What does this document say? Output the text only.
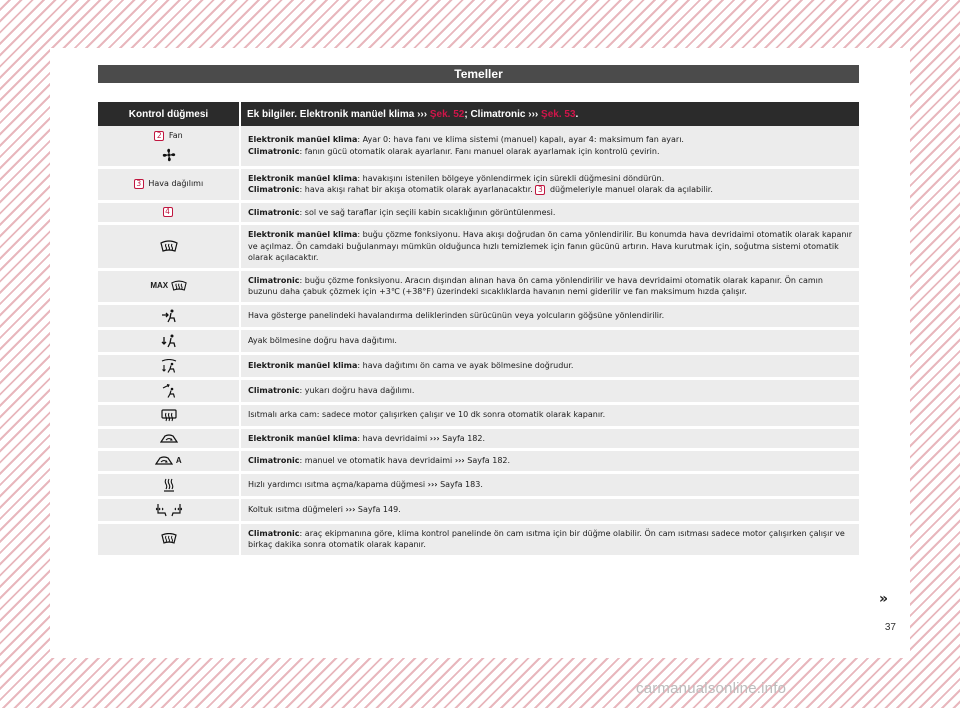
Temeller
Kontrol düğmesi	Ek bilgiler. Elektronik manüel klima ››› Şek. 52; Climatronic ››› Şek. 53.
2 Fan	Elektronik manüel klima: Ayar 0: hava fanı ve klima sistemi (manuel) kapalı, ayar 4: maksimum fan ayarı.
Climatronic: fanın gücü otomatik olarak ayarlanır. Fanı manuel olarak ayarlamak için kontrolü çevirin.
3 Hava dağılımı	Elektronik manüel klima: havakışını istenilen bölgeye yönlendirmek için sürekli düğmesini döndürün.
Climatronic: hava akışı rahat bir akışa otomatik olarak ayarlanacaktır. 3 düğmeleriyle manuel olarak da açılabilir.
4	Climatronic: sol ve sağ taraflar için seçili kabin sıcaklığının görüntülenmesi.

	Elektronik manüel klima: buğu çözme fonksiyonu. Hava akışı doğrudan ön cama yönlendirilir. Bu konumda hava devridaimi otomatik olarak kapanır ve açılmaz. Ön camdaki buğulanmayı mümkün olduğunca hızlı temizlemek için fanın gücünü artırın. Hava kurutmak için, soğutma sistemi otomatik olarak açılacaktır.
MAX	Climatronic: buğu çözme fonksiyonu. Aracın dışından alınan hava ön cama yönlendirilir ve hava devridaimi otomatik olarak kapanır. Ön camın buzunu daha çabuk çözmek için +3℃ (+38°F) üzerindeki sıcaklıklarda havanın nemi giderilir ve fan maksimum hızda çalışır.

	Hava gösterge panelindeki havalandırma deliklerinden sürücünün veya yolcuların göğsüne yönlendirilir.

	Ayak bölmesine doğru hava dağıtımı.

	Elektronik manüel klima: hava dağıtımı ön cama ve ayak bölmesine doğrudur.

	Climatronic: yukarı doğru hava dağılımı.

	Isıtmalı arka cam: sadece motor çalışırken çalışır ve 10 dk sonra otomatik olarak kapanır.

	Elektronik manüel klima: hava devridaimi ››› Sayfa 182.
A	Climatronic: manuel ve otomatik hava devridaimi ››› Sayfa 182.

	Hızlı yardımcı ısıtma açma/kapama düğmesi ››› Sayfa 183.

	Koltuk ısıtma düğmeleri ››› Sayfa 149.

	Climatronic: araç ekipmanına göre, klima kontrol panelinde ön cam ısıtma için bir düğme olabilir. Ön cam ısıtması sadece motor çalışırken çalışır ve birkaç dakika sonra otomatik olarak kapanır.
»
37
carmanualsonline.info
